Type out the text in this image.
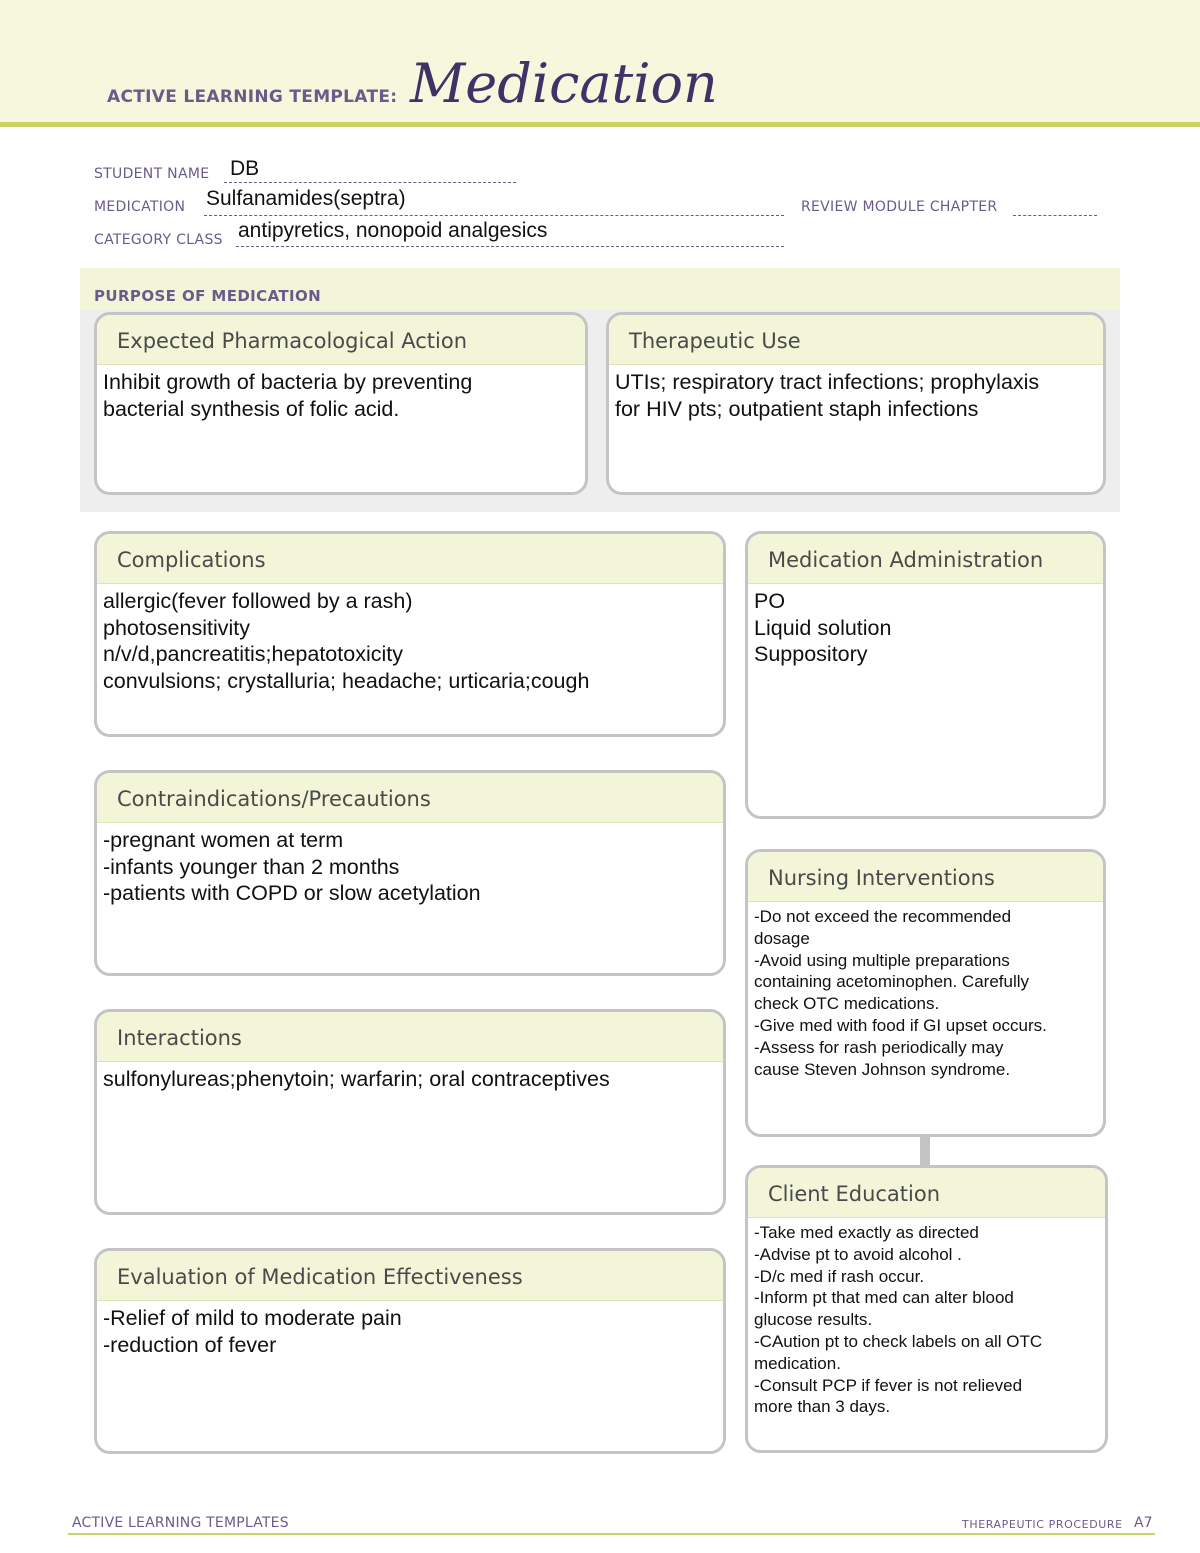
ACTIVE LEARNING TEMPLATE: Medication
STUDENT NAME DB
MEDICATION Sulfanamides(septra)	REVIEW MODULE CHAPTER
CATEGORY CLASS antipyretics, nonopoid analgesics
PURPOSE OF MEDICATION
Expected Pharmacological Action
Inhibit growth of bacteria by preventing
bacterial synthesis of folic acid.
Therapeutic Use
UTIs; respiratory tract infections; prophylaxis
for HIV pts; outpatient staph infections
Complications
allergic(fever followed by a rash)
photosensitivity
n/v/d,pancreatitis;hepatotoxicity
convulsions; crystalluria; headache; urticaria;cough
Medication Administration
PO
Liquid solution
Suppository
Contraindications/Precautions
-pregnant women at term
-infants younger than 2 months
-patients with COPD or slow acetylation
Nursing Interventions
-Do not exceed the recommended
dosage
-Avoid using multiple preparations
containing acetominophen. Carefully
check OTC medications.
-Give med with food if GI upset occurs.
-Assess for rash periodically may
cause Steven Johnson syndrome.
Interactions
sulfonylureas;phenytoin; warfarin; oral contraceptives
Client Education
-Take med exactly as directed
-Advise pt to avoid alcohol .
-D/c med if rash occur.
-Inform pt that med can alter blood
glucose results.
-CAution pt to check labels on all OTC
medication.
-Consult PCP if fever is not relieved
more than 3 days.
Evaluation of Medication Effectiveness
-Relief of mild to moderate pain
-reduction of fever
ACTIVE LEARNING TEMPLATES	THERAPEUTIC PROCEDURE A7
